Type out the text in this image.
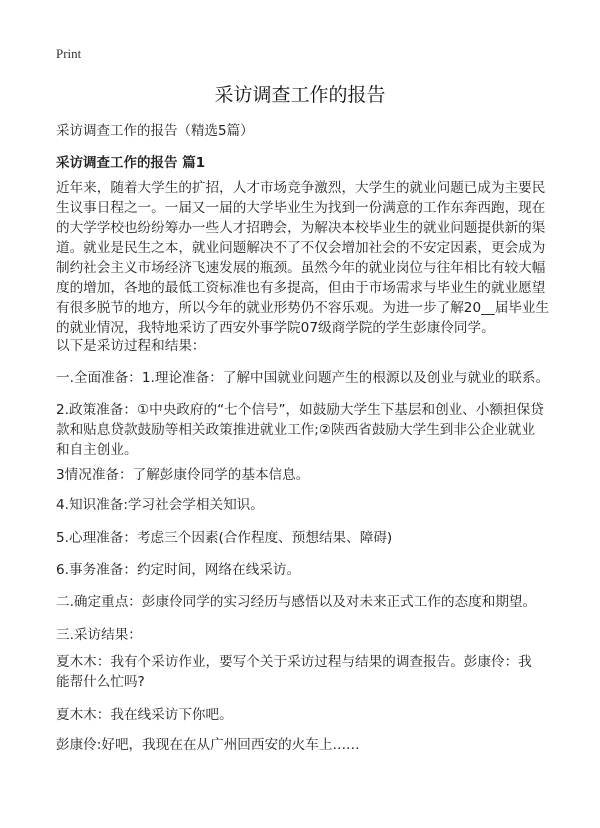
Print
采访调查工作的报告
采访调查工作的报告（精选5篇）
采访调查工作的报告 篇1
近年来，随着大学生的扩招，人才市场竞争激烈，大学生的就业问题已成为主要民
生议事日程之一。一届又一届的大学毕业生为找到一份满意的工作东奔西跑，现在
的大学学校也纷纷筹办一些人才招聘会，为解决本校毕业生的就业问题提供新的渠
道。就业是民生之本，就业问题解决不了不仅会增加社会的不安定因素，更会成为
制约社会主义市场经济飞速发展的瓶颈。虽然今年的就业岗位与往年相比有较大幅
度的增加，各地的最低工资标准也有多提高，但由于市场需求与毕业生的就业愿望
有很多脱节的地方，所以今年的就业形势仍不容乐观。为进一步了解20__届毕业生
的就业情况，我特地采访了西安外事学院07级商学院的学生彭康伶同学。
以下是采访过程和结果：
一.全面准备：1.理论准备：了解中国就业问题产生的根源以及创业与就业的联系。
2.政策准备：①中央政府的“七个信号”，如鼓励大学生下基层和创业、小额担保贷
款和贴息贷款鼓励等相关政策推进就业工作;②陕西省鼓励大学生到非公企业就业
和自主创业。
3情况准备：了解彭康伶同学的基本信息。
4.知识准备:学习社会学相关知识。
5.心理准备：考虑三个因素(合作程度、预想结果、障碍)
6.事务准备：约定时间，网络在线采访。
二.确定重点：彭康伶同学的实习经历与感悟以及对未来正式工作的态度和期望。
三.采访结果：
夏木木：我有个采访作业，要写个关于采访过程与结果的调查报告。彭康伶：我
能帮什么忙吗?
夏木木：我在线采访下你吧。
彭康伶:好吧，我现在在从广州回西安的火车上……
